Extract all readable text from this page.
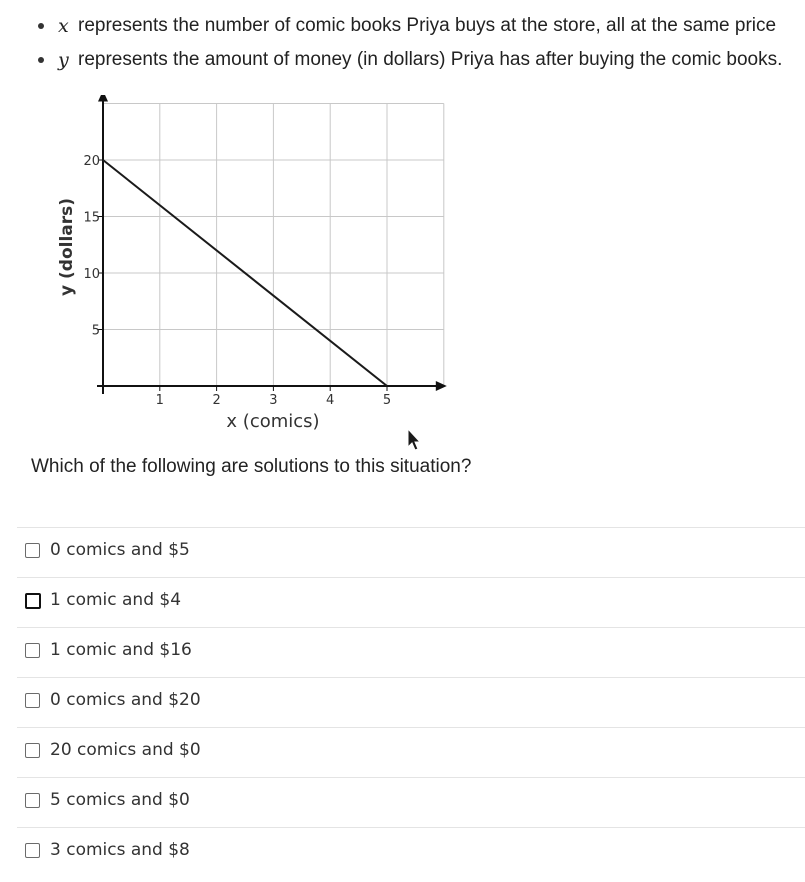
x represents the number of comic books Priya buys at the store, all at the same price
y represents the amount of money (in dollars) Priya has after buying the comic books.
1	2	3	4	5
5
10
15
20
x (comics)
y (dollars)
Which of the following are solutions to this situation?
0 comics and $5
1 comic and $4
1 comic and $16
0 comics and $20
20 comics and $0
5 comics and $0
3 comics and $8
